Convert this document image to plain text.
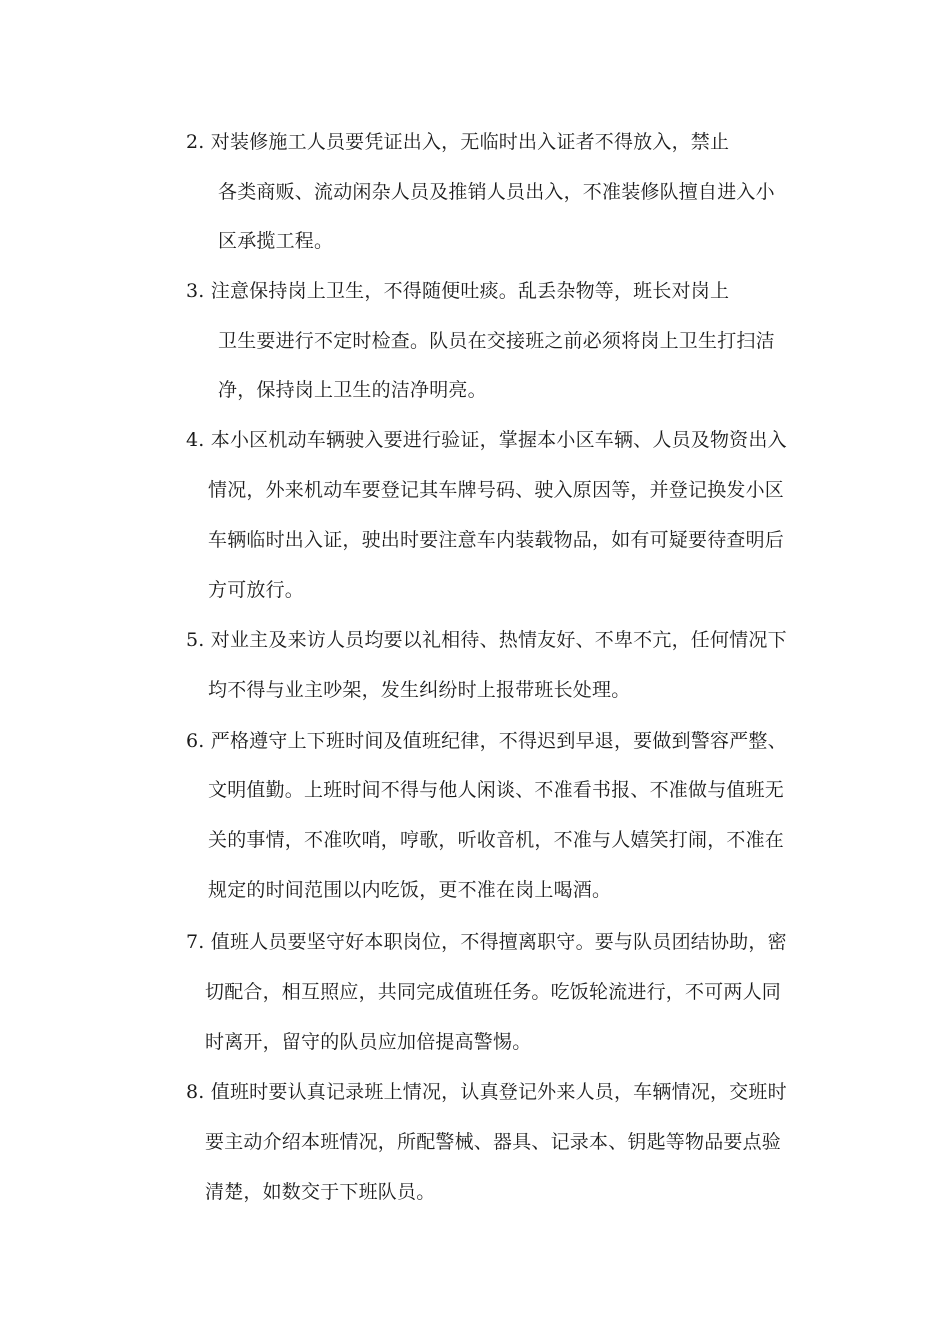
2. 对装修施工人员要凭证出入，无临时出入证者不得放入，禁止
各类商贩、流动闲杂人员及推销人员出入，不准装修队擅自进入小
区承揽工程。
3. 注意保持岗上卫生，不得随便吐痰。乱丢杂物等，班长对岗上
卫生要进行不定时检查。队员在交接班之前必须将岗上卫生打扫洁
净，保持岗上卫生的洁净明亮。
4. 本小区机动车辆驶入要进行验证，掌握本小区车辆、人员及物资出入
情况，外来机动车要登记其车牌号码、驶入原因等，并登记换发小区
车辆临时出入证，驶出时要注意车内装载物品，如有可疑要待查明后
方可放行。
5. 对业主及来访人员均要以礼相待、热情友好、不卑不亢，任何情况下
均不得与业主吵架，发生纠纷时上报带班长处理。
6. 严格遵守上下班时间及值班纪律，不得迟到早退，要做到警容严整、
文明值勤。上班时间不得与他人闲谈、不准看书报、不准做与值班无
关的事情，不准吹哨，哼歌，听收音机，不准与人嬉笑打闹，不准在
规定的时间范围以内吃饭，更不准在岗上喝酒。
7. 值班人员要坚守好本职岗位，不得擅离职守。要与队员团结协助，密
切配合，相互照应，共同完成值班任务。吃饭轮流进行，不可两人同
时离开，留守的队员应加倍提高警惕。
8. 值班时要认真记录班上情况，认真登记外来人员，车辆情况，交班时
要主动介绍本班情况，所配警械、器具、记录本、钥匙等物品要点验
清楚，如数交于下班队员。
